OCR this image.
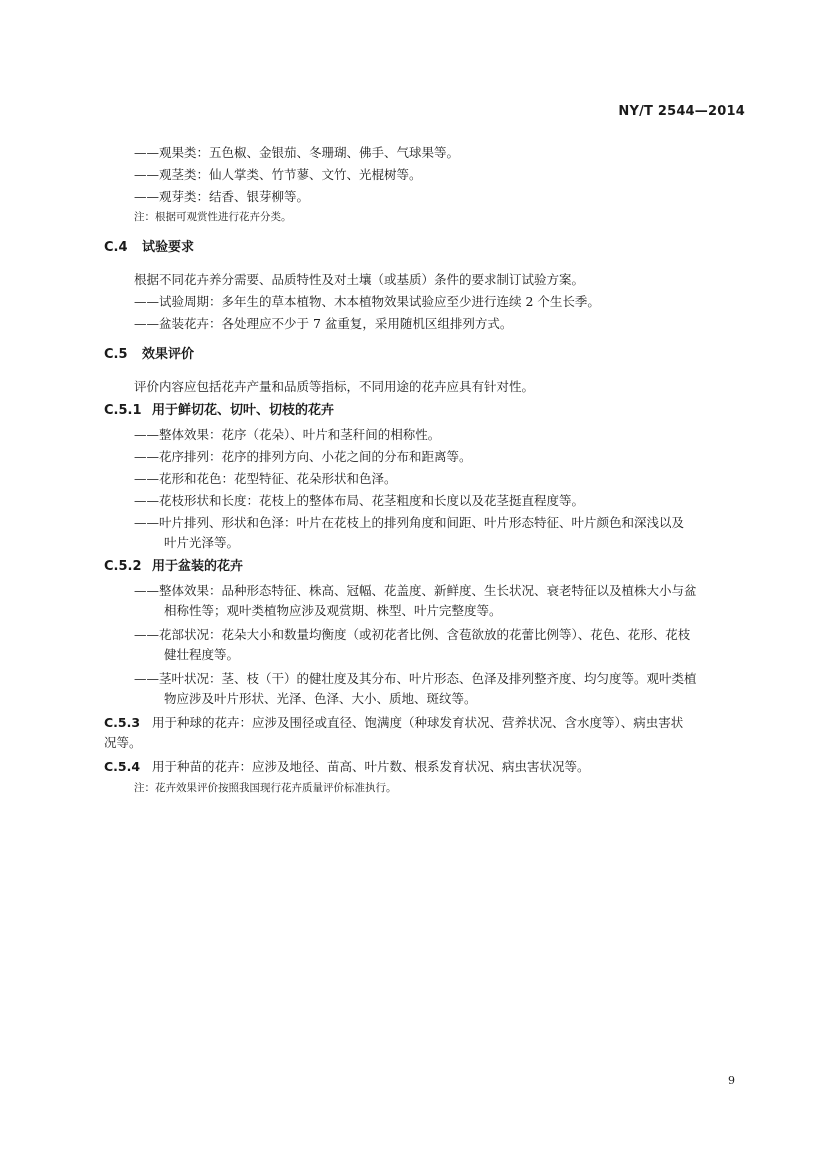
NY/T 2544—2014
——观果类：五色椒、金银茄、冬珊瑚、佛手、气球果等。
——观茎类：仙人掌类、竹节蓼、文竹、光棍树等。
——观芽类：结香、银芽柳等。
注：根据可观赏性进行花卉分类。
C.4 试验要求
根据不同花卉养分需要、品质特性及对土壤（或基质）条件的要求制订试验方案。
——试验周期：多年生的草本植物、木本植物效果试验应至少进行连续 2 个生长季。
——盆装花卉：各处理应不少于 7 盆重复，采用随机区组排列方式。
C.5 效果评价
评价内容应包括花卉产量和品质等指标，不同用途的花卉应具有针对性。
C.5.1 用于鲜切花、切叶、切枝的花卉
——整体效果：花序（花朵）、叶片和茎秆间的相称性。
——花序排列：花序的排列方向、小花之间的分布和距离等。
——花形和花色：花型特征、花朵形状和色泽。
——花枝形状和长度：花枝上的整体布局、花茎粗度和长度以及花茎挺直程度等。
——叶片排列、形状和色泽：叶片在花枝上的排列角度和间距、叶片形态特征、叶片颜色和深浅以及
叶片光泽等。
C.5.2 用于盆装的花卉
——整体效果：品种形态特征、株高、冠幅、花盖度、新鲜度、生长状况、衰老特征以及植株大小与盆
相称性等；观叶类植物应涉及观赏期、株型、叶片完整度等。
——花部状况：花朵大小和数量均衡度（或初花者比例、含苞欲放的花蕾比例等）、花色、花形、花枝
健壮程度等。
——茎叶状况：茎、枝（干）的健壮度及其分布、叶片形态、色泽及排列整齐度、均匀度等。观叶类植
物应涉及叶片形状、光泽、色泽、大小、质地、斑纹等。
C.5.3 用于种球的花卉：应涉及围径或直径、饱满度（种球发育状况、营养状况、含水度等）、病虫害状
况等。
C.5.4 用于种苗的花卉：应涉及地径、苗高、叶片数、根系发育状况、病虫害状况等。
注：花卉效果评价按照我国现行花卉质量评价标准执行。
9
